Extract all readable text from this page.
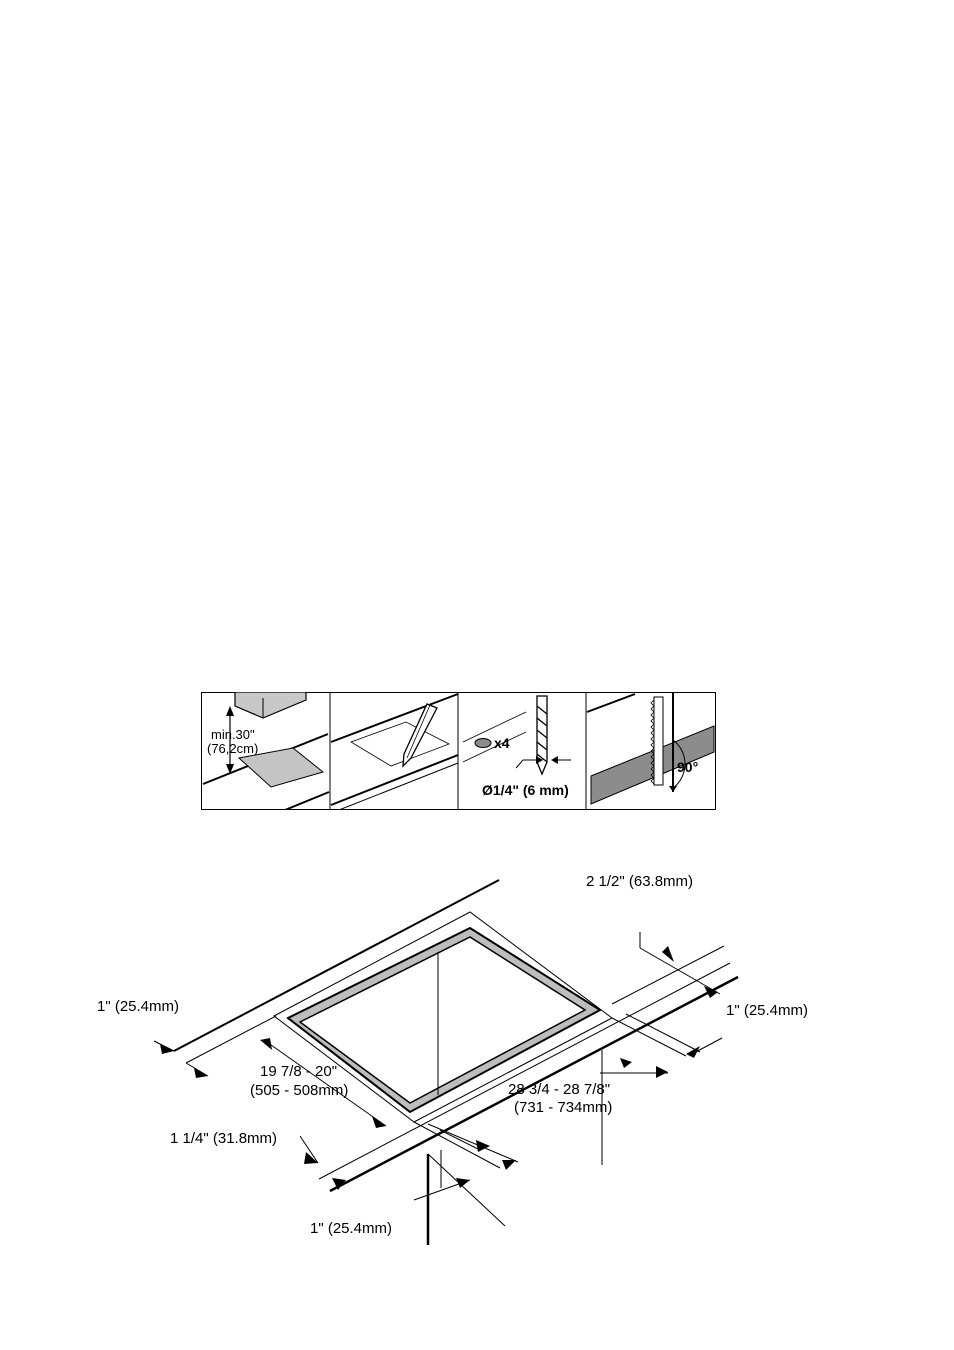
min.30"
(76,2cm)	x4
Ø1/4" (6 mm)
90°
2 1/2" (63.8mm)
1" (25.4mm)	1" (25.4mm)
19 7/8 - 20"
(505 - 508mm)	28 3/4 - 28 7/8"
(731 - 734mm)
1 1/4" (31.8mm)
1" (25.4mm)
